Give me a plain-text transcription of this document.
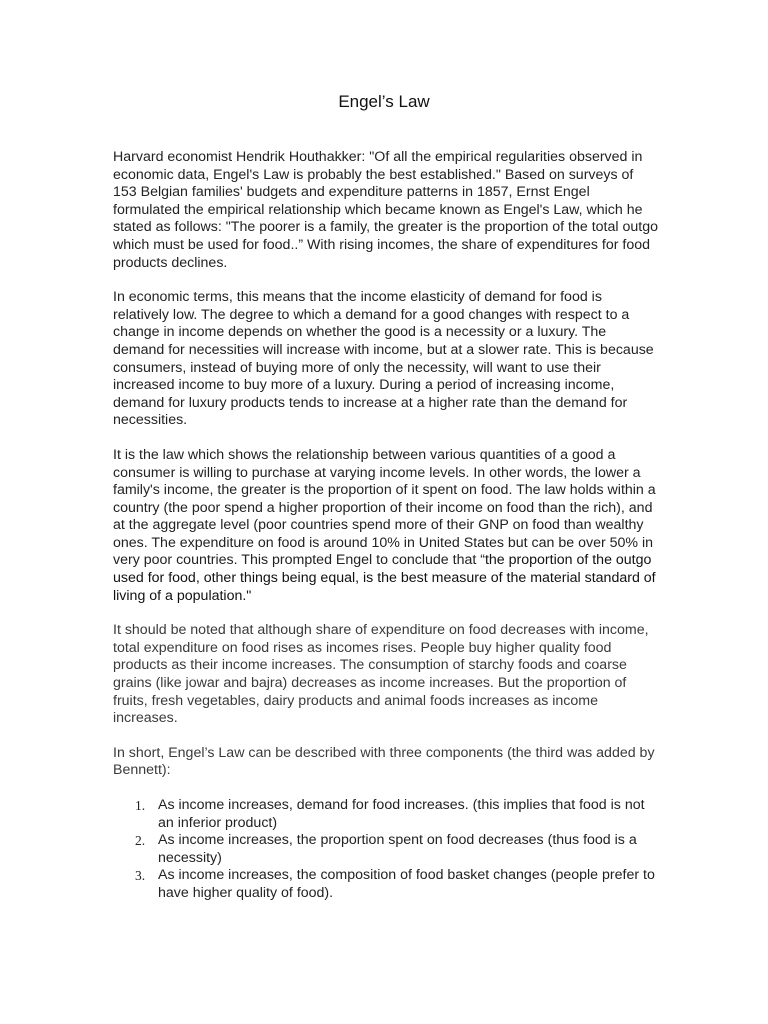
Engel’s Law

Harvard economist Hendrik Houthakker: "Of all the empirical regularities observed in economic data, Engel's Law is probably the best established." Based on surveys of 153 Belgian families' budgets and expenditure patterns in 1857, Ernst Engel formulated the empirical relationship which became known as Engel's Law, which he stated as follows: "The poorer is a family, the greater is the proportion of the total outgo which must be used for food..” With rising incomes, the share of expenditures for food products declines.

In economic terms, this means that the income elasticity of demand for food is relatively low. The degree to which a demand for a good changes with respect to a change in income depends on whether the good is a necessity or a luxury. The demand for necessities will increase with income, but at a slower rate. This is because consumers, instead of buying more of only the necessity, will want to use their increased income to buy more of a luxury. During a period of increasing income, demand for luxury products tends to increase at a higher rate than the demand for necessities.

It is the law which shows the relationship between various quantities of a good a consumer is willing to purchase at varying income levels. In other words, the lower a family's income, the greater is the proportion of it spent on food. The law holds within a country (the poor spend a higher proportion of their income on food than the rich), and at the aggregate level (poor countries spend more of their GNP on food than wealthy ones. The expenditure on food is around 10% in United States but can be over 50% in very poor countries. This prompted Engel to conclude that “the proportion of the outgo used for food, other things being equal, is the best measure of the material standard of living of a population."

It should be noted that although share of expenditure on food decreases with income, total expenditure on food rises as incomes rises. People buy higher quality food products as their income increases. The consumption of starchy foods and coarse grains (like jowar and bajra) decreases as income increases. But the proportion of fruits, fresh vegetables, dairy products and animal foods increases as income increases.

In short, Engel’s Law can be described with three components (the third was added by Bennett):

1. As income increases, demand for food increases. (this implies that food is not an inferior product)
2. As income increases, the proportion spent on food decreases (thus food is a necessity)
3. As income increases, the composition of food basket changes (people prefer to have higher quality of food).
